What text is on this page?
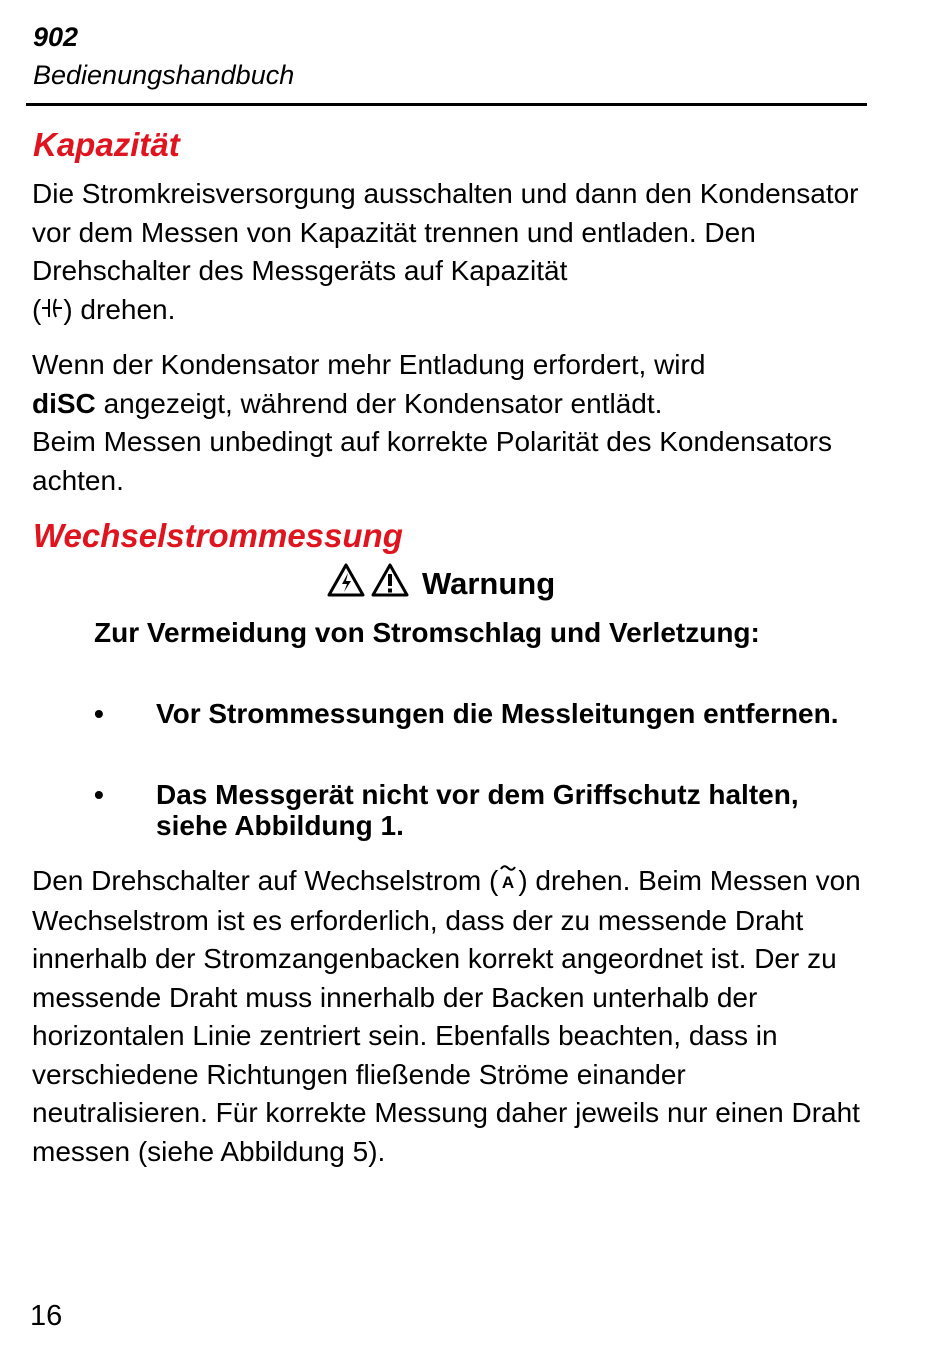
902
Bedienungshandbuch
Kapazität

Die Stromkreisversorgung ausschalten und dann den Kondensator vor dem Messen von Kapazität trennen und entladen. Den Drehschalter des Messgeräts auf Kapazität
( ) drehen.

Wenn der Kondensator mehr Entladung erfordert, wird
diSC angezeigt, während der Kondensator entlädt.
Beim Messen unbedingt auf korrekte Polarität des Kondensators achten.

Wechselstrommessung
Warnung
Zur Vermeidung von Stromschlag und Verletzung:
• Vor Strommessungen die Messleitungen entfernen.
• Das Messgerät nicht vor dem Griffschutz halten, siehe Abbildung 1.

Den Drehschalter auf Wechselstrom ( A ) drehen. Beim Messen von Wechselstrom ist es erforderlich, dass der zu messende Draht innerhalb der Stromzangenbacken korrekt angeordnet ist. Der zu messende Draht muss innerhalb der Backen unterhalb der horizontalen Linie zentriert sein. Ebenfalls beachten, dass in verschiedene Richtungen fließende Ströme einander neutralisieren. Für korrekte Messung daher jeweils nur einen Draht messen (siehe Abbildung 5).

16
